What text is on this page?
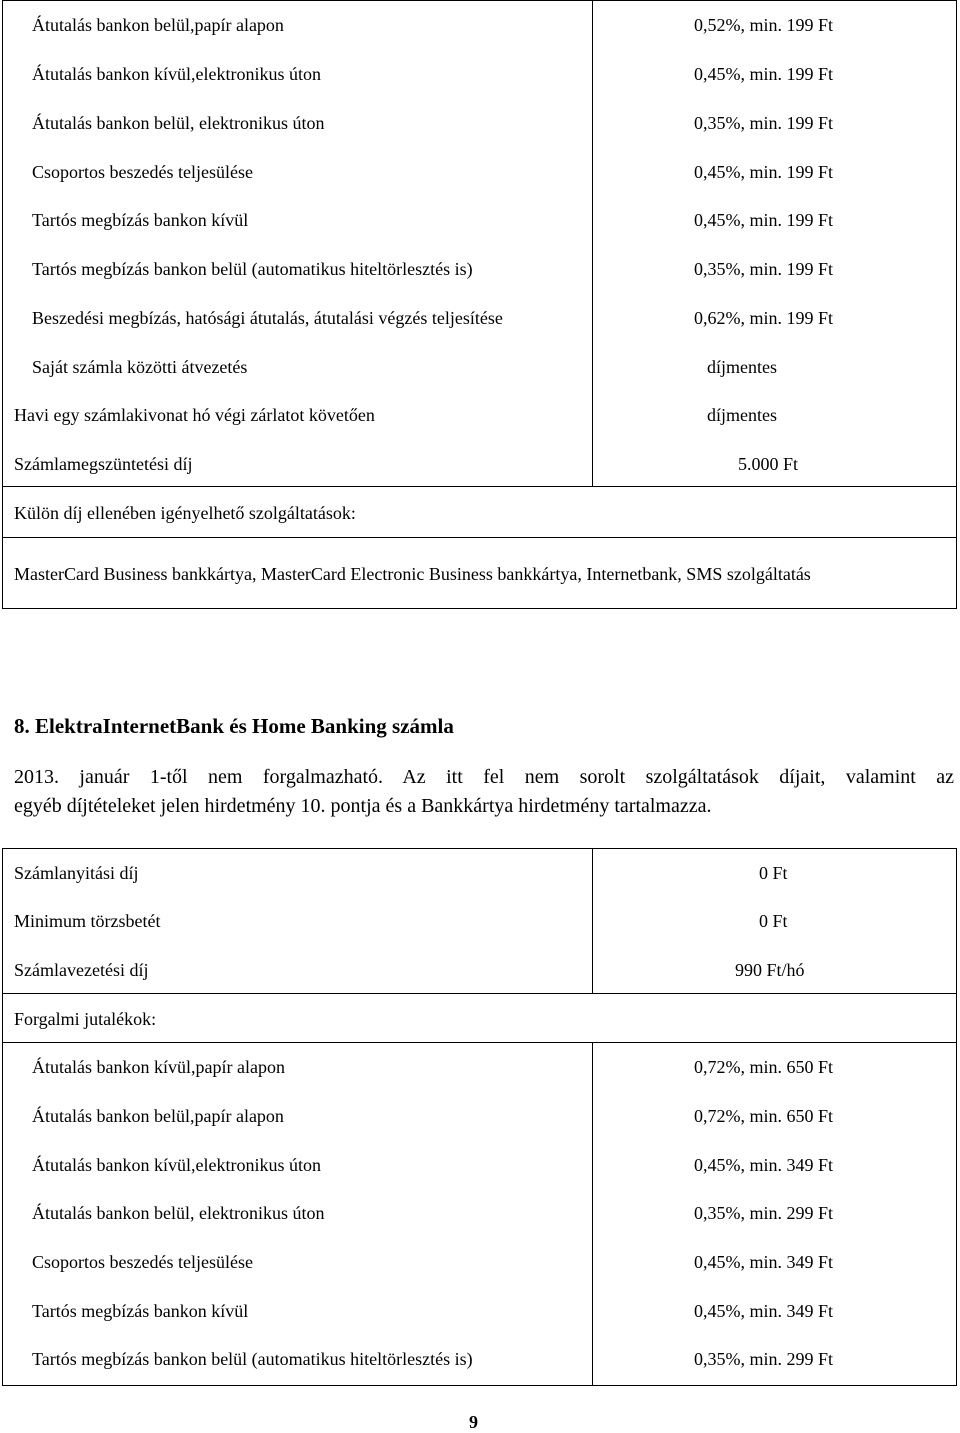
Átutalás bankon belül,papír alapon	0,52%, min. 199 Ft
Átutalás bankon kívül,elektronikus úton	0,45%, min. 199 Ft
Átutalás bankon belül, elektronikus úton	0,35%, min. 199 Ft
Csoportos beszedés teljesülése	0,45%, min. 199 Ft
Tartós megbízás bankon kívül	0,45%, min. 199 Ft
Tartós megbízás bankon belül (automatikus hiteltörlesztés is)	0,35%, min. 199 Ft
Beszedési megbízás, hatósági átutalás, átutalási végzés teljesítése	0,62%, min. 199 Ft
Saját számla közötti átvezetés	díjmentes
Havi egy számlakivonat hó végi zárlatot követően	díjmentes
Számlamegszüntetési díj	5.000 Ft
Külön díj ellenében igényelhető szolgáltatások:
MasterCard Business bankkártya, MasterCard Electronic Business bankkártya, Internetbank, SMS szolgáltatás
8. ElektraInternetBank és Home Banking számla
2013. január 1-től nem forgalmazható. Az itt fel nem sorolt szolgáltatások díjait, valamint az
egyéb díjtételeket jelen hirdetmény 10. pontja és a Bankkártya hirdetmény tartalmazza.
Számlanyitási díj	0 Ft
Minimum törzsbetét	0 Ft
Számlavezetési díj	990 Ft/hó
Forgalmi jutalékok:
Átutalás bankon kívül,papír alapon	0,72%, min. 650 Ft
Átutalás bankon belül,papír alapon	0,72%, min. 650 Ft
Átutalás bankon kívül,elektronikus úton	0,45%, min. 349 Ft
Átutalás bankon belül, elektronikus úton	0,35%, min. 299 Ft
Csoportos beszedés teljesülése	0,45%, min. 349 Ft
Tartós megbízás bankon kívül	0,45%, min. 349 Ft
Tartós megbízás bankon belül (automatikus hiteltörlesztés is)	0,35%, min. 299 Ft
9
